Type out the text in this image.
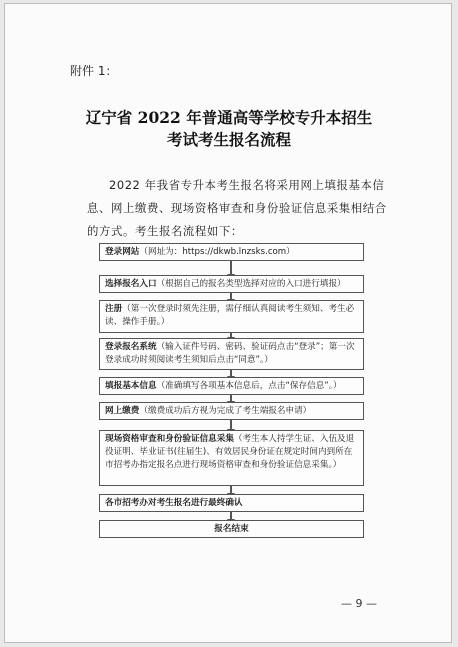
附件 1：
辽宁省 2022 年普通高等学校专升本招生
考试考生报名流程
2022 年我省专升本考生报名将采用网上填报基本信息、网上缴费、现场资格审查和身份验证信息采集相结合的方式。考生报名流程如下：
登录网站（网址为：https://dkwb.lnzsks.com）
选择报名入口（根据自己的报名类型选择对应的入口进行填报）
注册（第一次登录时须先注册，需仔细认真阅读考生须知、考生必读、操作手册。）
登录报名系统（输入证件号码、密码、验证码点击“登录”；第一次登录成功时须阅读考生须知后点击“同意”。）
填报基本信息（准确填写各项基本信息后，点击“保存信息”。）
网上缴费（缴费成功后方视为完成了考生端报名申请）
现场资格审查和身份验证信息采集（考生本人持学生证、入伍及退役证明、毕业证书(往届生)、有效居民身份证在规定时间内到所在市招考办指定报名点进行现场资格审查和身份验证信息采集。）
各市招考办对考生报名进行最终确认
报名结束
— 9 —
